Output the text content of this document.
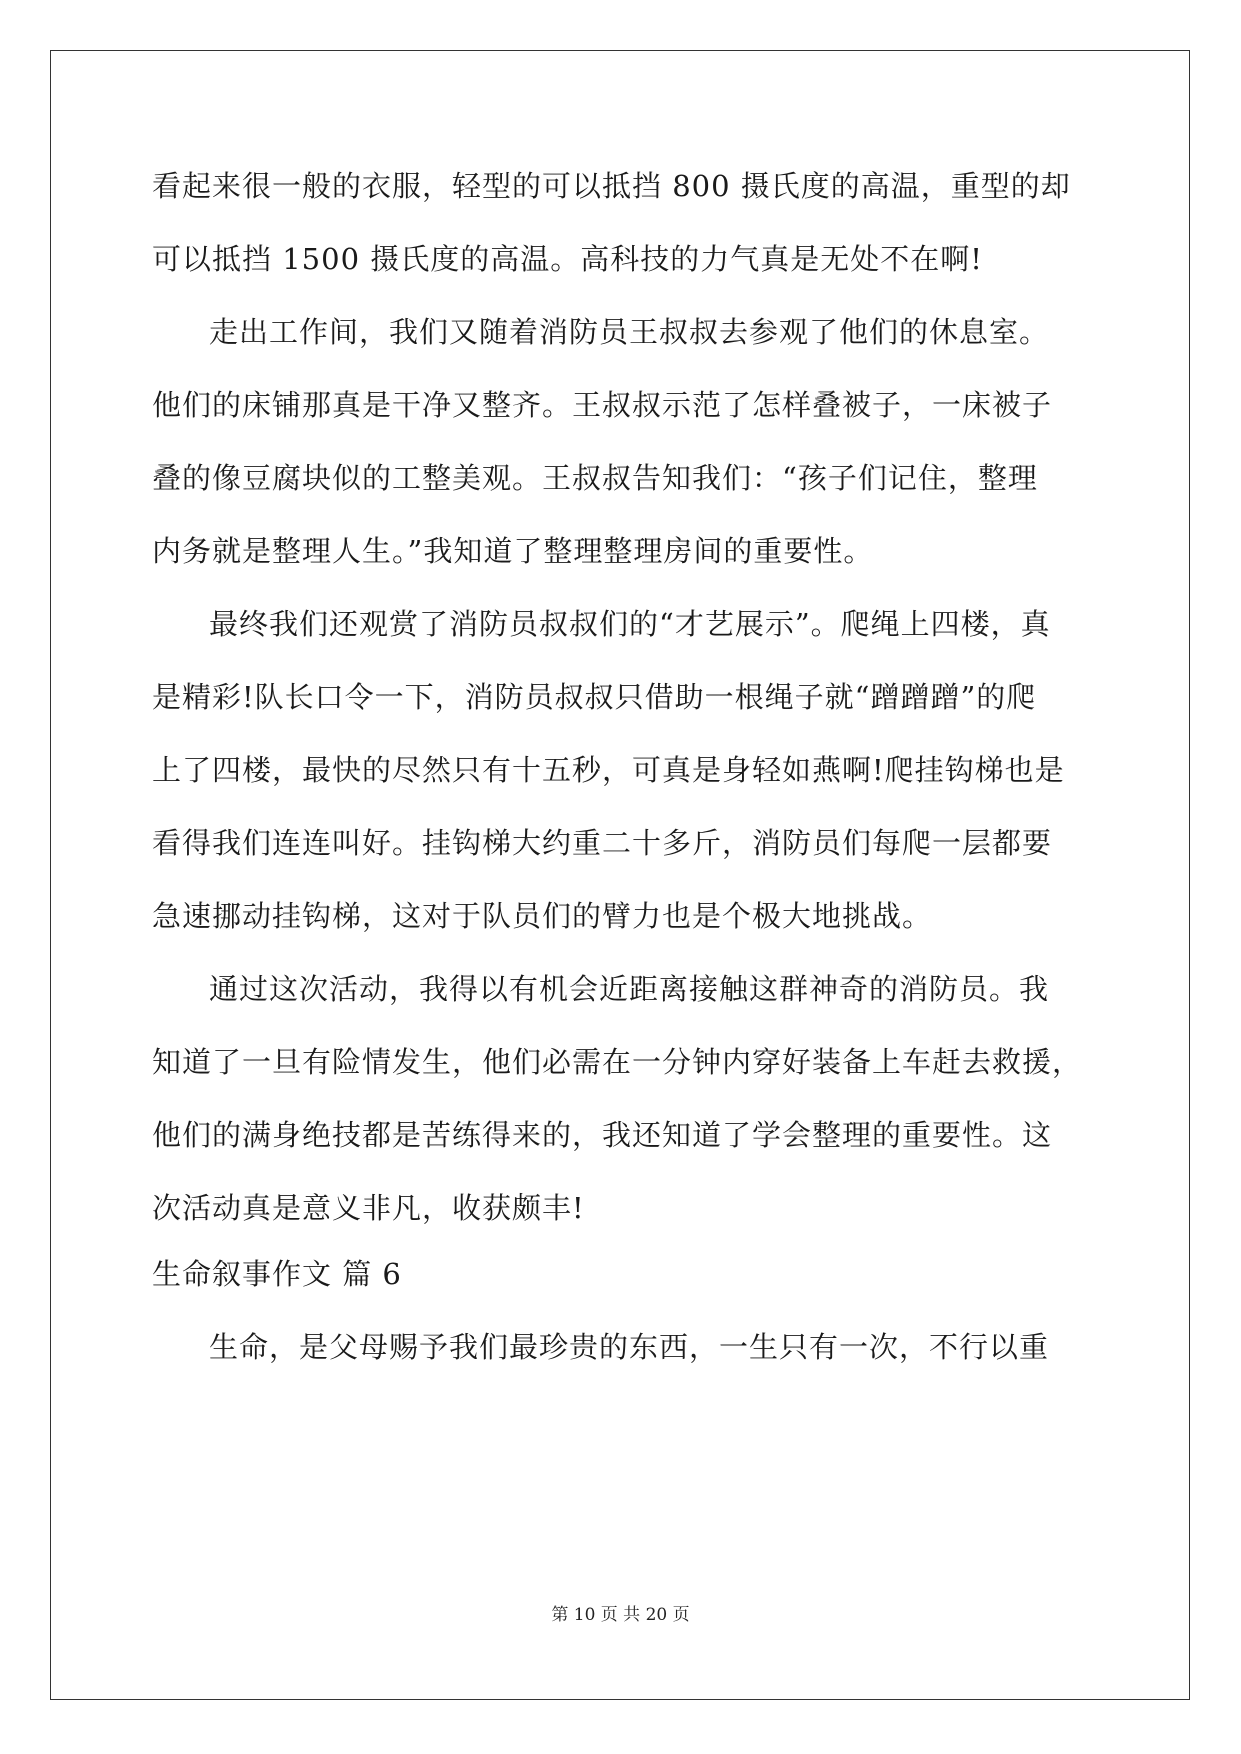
看起来很一般的衣服，轻型的可以抵挡 800 摄氏度的高温，重型的却
可以抵挡 1500 摄氏度的高温。高科技的力气真是无处不在啊!
走出工作间，我们又随着消防员王叔叔去参观了他们的休息室。
他们的床铺那真是干净又整齐。王叔叔示范了怎样叠被子，一床被子
叠的像豆腐块似的工整美观。王叔叔告知我们：“孩子们记住，整理
内务就是整理人生。”我知道了整理整理房间的重要性。
最终我们还观赏了消防员叔叔们的“才艺展示”。爬绳上四楼，真
是精彩!队长口令一下，消防员叔叔只借助一根绳子就“蹭蹭蹭”的爬
上了四楼，最快的尽然只有十五秒，可真是身轻如燕啊!爬挂钩梯也是
看得我们连连叫好。挂钩梯大约重二十多斤，消防员们每爬一层都要
急速挪动挂钩梯，这对于队员们的臂力也是个极大地挑战。
通过这次活动，我得以有机会近距离接触这群神奇的消防员。我
知道了一旦有险情发生，他们必需在一分钟内穿好装备上车赶去救援，
他们的满身绝技都是苦练得来的，我还知道了学会整理的重要性。这
次活动真是意义非凡，收获颇丰!
生命叙事作文 篇 6
生命，是父母赐予我们最珍贵的东西，一生只有一次，不行以重
第 10 页 共 20 页
